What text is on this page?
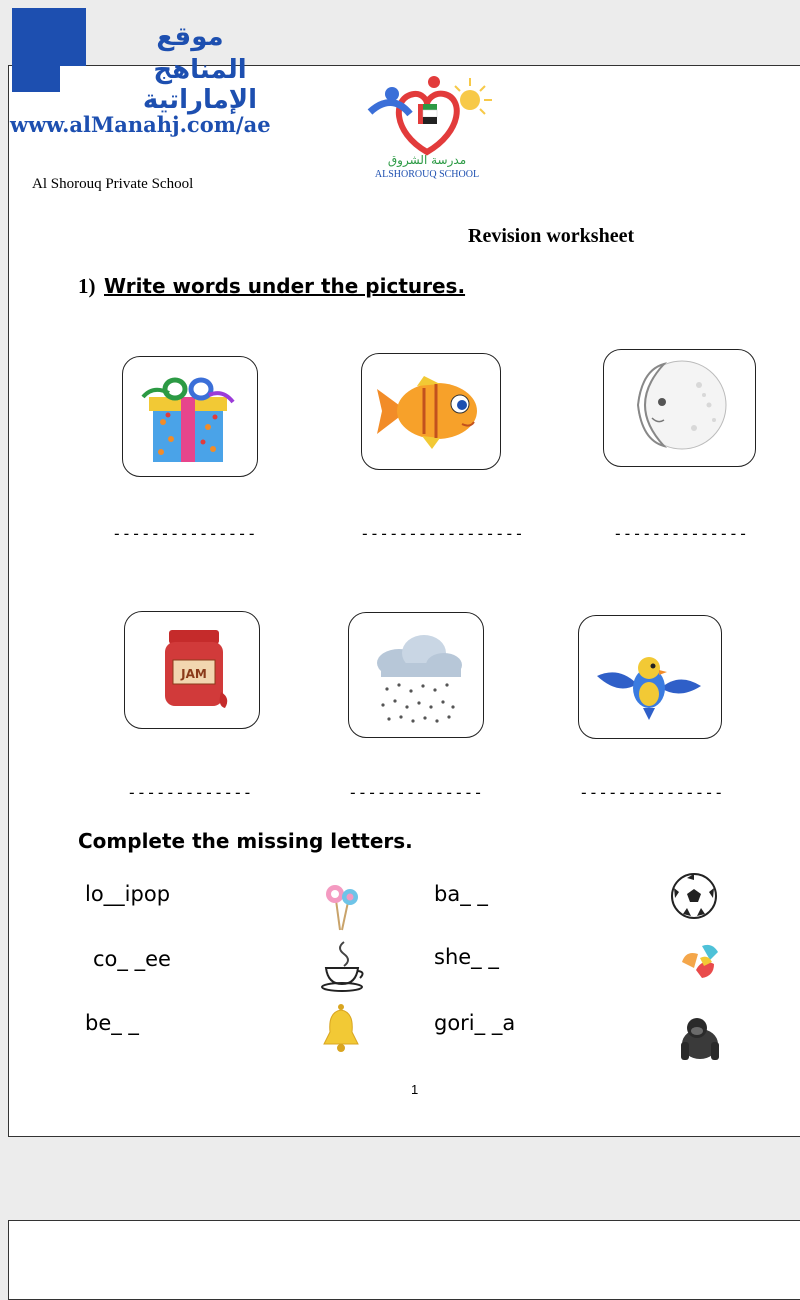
موقع
المناهج الإماراتية
www.alManahj.com/ae
مدرسة الشروق
ALSHOROUQ SCHOOL
Al Shorouq Private School
Revision worksheet
1) Write words under the pictures.
---------------	-----------------	--------------
JAM
-------------	--------------	---------------
Complete the missing letters.
lo__ipop	ba_ _
co_ _ee	she_ _
be_ _	gori_ _a
1
